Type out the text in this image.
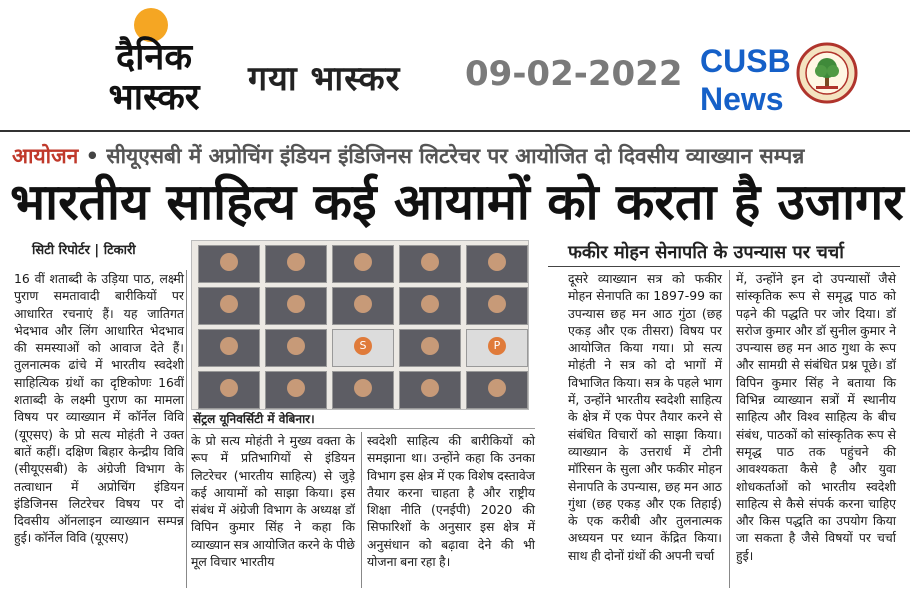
दैनिक
भास्कर	गया भास्कर 09-02-2022 CUSB
News
आयोजन • सीयूएसबी में अप्रोचिंग इंडियन इंडिजिनस लिटरेचर पर आयोजित दो दिवसीय व्याख्यान सम्पन्न
भारतीय साहित्य कई आयामों को करता है उजागर
सिटी रिपोर्टर | टिकारी	फकीर मोहन सेनापति के उपन्यास पर चर्चा
S	P
सेंट्रल यूनिवर्सिटी में वेबिनार।
16 वीं शताब्दी के उड़िया पाठ, लक्ष्मी पुराण समतावादी बारीकियों पर आधारित रचनाएं हैं। यह जातिगत भेदभाव और लिंग आधारित भेदभाव की समस्याओं को आवाज देते हैं। तुलनात्मक ढांचे में भारतीय स्वदेशी साहित्यिक ग्रंथों का दृष्टिकोणः 16वीं शताब्दी के लक्ष्मी पुराण का मामला विषय पर व्याख्यान में कॉर्नेल विवि (यूएसए) के प्रो सत्य मोहंती ने उक्त बातें कहीं। दक्षिण बिहार केन्द्रीय विवि (सीयूएसबी) के अंग्रेजी विभाग के तत्वाधान में अप्रोचिंग इंडियन इंडिजिनस लिटरेचर विषय पर दो दिवसीय ऑनलाइन व्याख्यान सम्पन्न हुई। कॉर्नेल विवि (यूएसए)
के प्रो सत्य मोहंती ने मुख्य वक्ता के रूप में प्रतिभागियों से इंडियन लिटरेचर (भारतीय साहित्य) से जुड़े कई आयामों को साझा किया। इस संबंध में अंग्रेजी विभाग के अध्यक्ष डॉ विपिन कुमार सिंह ने कहा कि व्याख्यान सत्र आयोजित करने के पीछे मूल विचार भारतीय
स्वदेशी साहित्य की बारीकियों को समझाना था। उन्होंने कहा कि उनका विभाग इस क्षेत्र में एक विशेष दस्तावेज तैयार करना चाहता है और राष्ट्रीय शिक्षा नीति (एनईपी) 2020 की सिफारिशों के अनुसार इस क्षेत्र में अनुसंधान को बढ़ावा देने की भी योजना बना रहा है।
दूसरे व्याख्यान सत्र को फकीर मोहन सेनापति का 1897-99 का उपन्यास छह मन आठ गुंठा (छह एकड़ और एक तीसरा) विषय पर आयोजित किया गया। प्रो सत्य मोहंती ने सत्र को दो भागों में विभाजित किया। सत्र के पहले भाग में, उन्होंने भारतीय स्वदेशी साहित्य के क्षेत्र में एक पेपर तैयार करने से संबंधित विचारों को साझा किया। व्याख्यान के उत्तरार्ध में टोनी मॉरिसन के सुला और फकीर मोहन सेनापति के उपन्यास, छह मन आठ गुंथा (छह एकड़ और एक तिहाई) के एक करीबी और तुलनात्मक अध्ययन पर ध्यान केंद्रित किया। साथ ही दोनों ग्रंथों की अपनी चर्चा
में, उन्होंने इन दो उपन्यासों जैसे सांस्कृतिक रूप से समृद्ध पाठ को पढ़ने की पद्धति पर जोर दिया। डॉ सरोज कुमार और डॉ सुनील कुमार ने उपन्यास छह मन आठ गुथा के रूप और सामग्री से संबंधित प्रश्न पूछे। डॉ विपिन कुमार सिंह ने बताया कि विभिन्न व्याख्यान सत्रों में स्थानीय साहित्य और विश्व साहित्य के बीच संबंध, पाठकों को सांस्कृतिक रूप से समृद्ध पाठ तक पहुंचने की आवश्यकता कैसे है और युवा शोधकर्ताओं को भारतीय स्वदेशी साहित्य से कैसे संपर्क करना चाहिए और किस पद्धति का उपयोग किया जा सकता है जैसे विषयों पर चर्चा हुई।
